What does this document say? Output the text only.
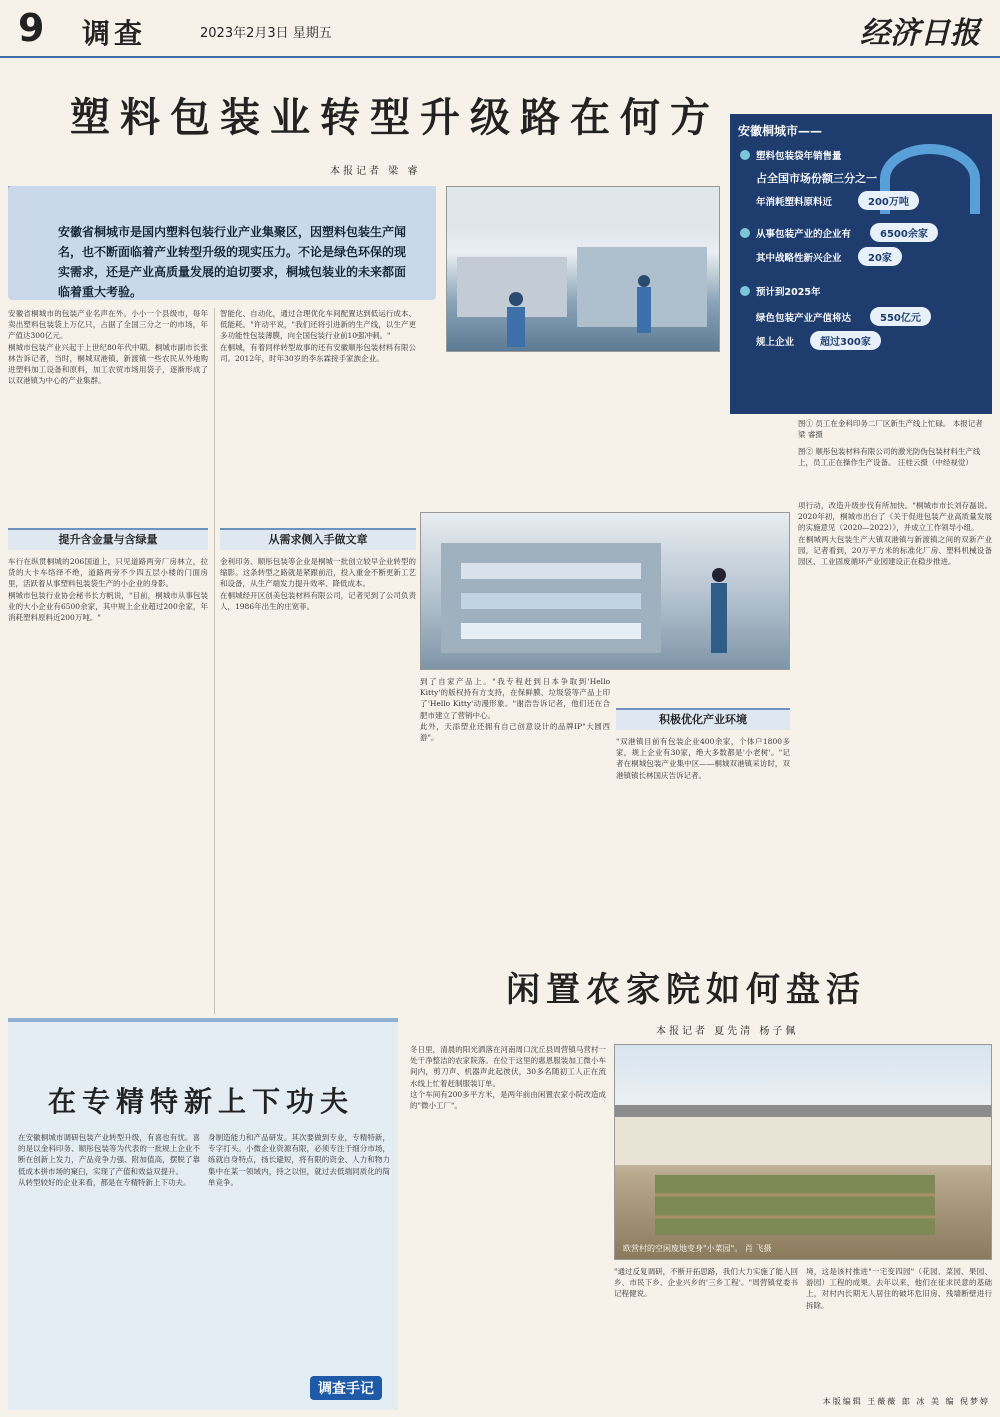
9 调查	2023年2月3日 星期五	经济日报
塑料包装业转型升级路在何方
本报记者 梁 睿
安徽省桐城市是国内塑料包装行业产业集聚区，因塑料包装生产闻名，也不断面临着产业转型升级的现实压力。不论是绿色环保的现实需求，还是产业高质量发展的迫切要求，桐城包装业的未来都面临着重大考验。
安徽桐城市——
塑料包装袋年销售量
占全国市场份额三分之一
年消耗塑料原料近	200万吨
从事包装产业的企业有	6500余家
其中战略性新兴企业	20家
预计到2025年
绿色包装产业产值将达	550亿元
规上企业	超过300家
图① 员工在金科印务二厂区新生产线上忙碌。 本报记者 梁 睿摄
图② 顺彤包装材料有限公司的激光防伪包装材料生产线上，员工正在操作生产设备。 汪桂云摄（中经视觉）
安徽省桐城市的包装产业名声在外。小小一个县级市，每年卖出塑料包装袋上万亿只，占据了全国三分之一的市场，年产值达300亿元。
桐城市包装产业兴起于上世纪80年代中期。桐城市副市长张林告诉记者，当时，桐城双港镇、新渡镇一些农民从外地购进塑料加工设备和原料，加工农贸市场用袋子，逐渐形成了以双港镇为中心的产业集群。
提升含金量与含绿量
车行在纵贯桐城的206国道上，只见道路两旁厂房林立，拉货的大卡车络绎不绝，道路两旁不少四五层小楼的门面房里，活跃着从事塑料包装袋生产的小企业的身影。
桐城市包装行业协会秘书长方帆说，"目前，桐城市从事包装业的大小企业有6500余家，其中规上企业超过200余家，年消耗塑料原料近200万吨。"
智能化、自动化，通过合理优化车间配置达到低运行成本、低能耗。"许动平说，"我们还将引进新的生产线，以生产更多功能性包装薄膜，向全国包装行业前10强冲刺。"
在桐城，有着同样转型故事的还有安徽顺彤包装材料有限公司。2012年，时年30岁的李东霖接手家族企业。
从需求侧入手做文章
金利印务、顺彤包装等企业是桐城一批创立较早企业转型的缩影。这条转型之路就是紧跟前沿，投入重金不断更新工艺和设备，从生产端发力提升效率、降低成本。
在桐城经开区创美包装材料有限公司，记者见到了公司负责人，1986年出生的庄宽菲。
到了自家产品上。"我专程赶到日本争取到'Hello Kitty'的版权持有方支持，在保鲜膜、垃圾袋等产品上印了'Hello Kitty'动漫形象。"谢浩告诉记者，他们还在合肥市建立了营销中心。
此外，天添塑业还拥有自己创意设计的品牌IP"大圆西游"。
积极优化产业环境
"双港镇目前有包装企业400余家，个体户1800多家，规上企业有30家，绝大多数都是'小老树'。"记者在桐城包装产业集中区——桐城双港镇采访时，双港镇镇长林国庆告诉记者。
项行动，改造升级步伐有所加快。"桐城市市长刘存磊说。2020年初，桐城市出台了《关于促进包装产业高质量发展的实施意见（2020—2022）》，并成立工作领导小组。
在桐城两大包装生产大镇双港镇与新渡镇之间的双新产业园，记者看到，20万平方米的标准化厂房、塑料机械设备园区、工业固废循环产业园建设正在稳步推进。
闲置农家院如何盘活
本报记者 夏先清 杨子佩
冬日里，清晨的阳光洒落在河南周口沈丘县周营镇马营村一处干净整洁的农家院落。在位于这里的惠恩服装加工微小车间内，剪刀声、机器声此起彼伏，30多名随初工人正在流水线上忙着赶制服装订单。
这个车间有200多平方米，是两年前由闲置农家小院改造成的"微小工厂"。
欧营村的空闲废地变身"小菜园"。 肖 飞摄
"通过反复调研，不断开拓思路，我们大力实施了能人回乡、市民下乡、企业兴乡的'三乡工程'。"周营镇党委书记程健说。
境，这是该村推进"一宅变四园"（花园、菜园、果园、游园）工程的成果。去年以来，他们在征求民意的基础上，对村内长期无人居住的破坏危旧房、残墙断壁进行拆除。
在专精特新上下功夫
在安徽桐城市调研包装产业转型升级，有喜也有忧。喜的是以金科印务、顺彤包装等为代表的一批规上企业不断在创新上发力，产品竞争力强、附加值高，摆脱了靠低成本拼市场的窠臼，实现了产值和效益双提升。
从转型较好的企业来看，都是在专精特新上下功夫。
身制造能力和产品研发。其次要做到专业，专精特新，专字打头。小微企业资源有限，必须专注于细分市场，练就自身特点，扬长避短，将有限的资金、人力和物力集中在某一领域内，持之以恒，就过去低端同质化的简单竞争。
调查手记
本版编辑 王薇薇 郎 冰 美 编 倪梦婷
